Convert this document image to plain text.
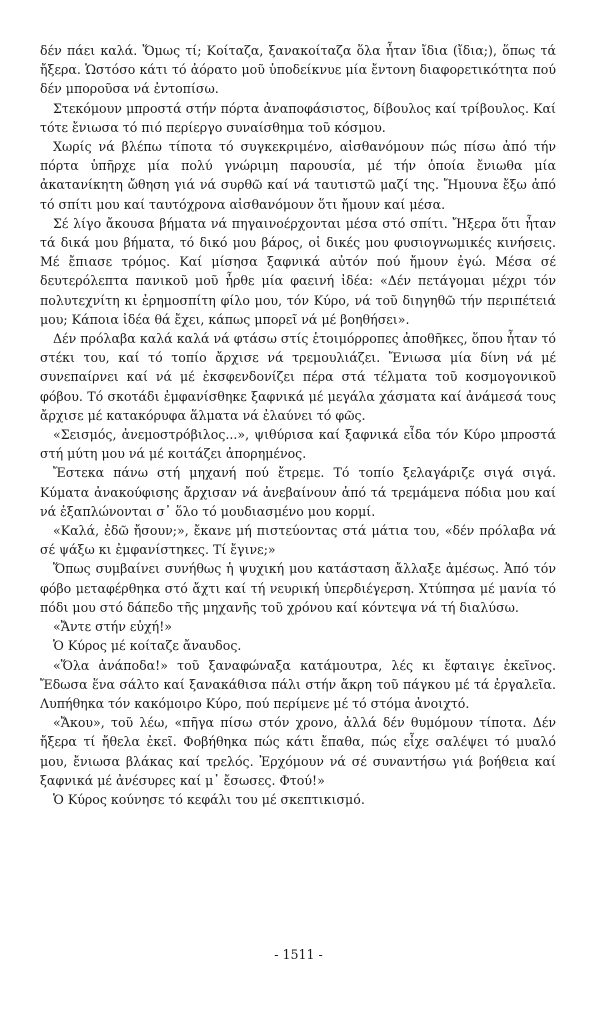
δέν πάει καλά. Ὅμως τί; Κοίταζα, ξανακοίταζα ὅλα ἦταν ἴδια (ἴδια;), ὅπως τά ἤξερα. Ὡστόσο κάτι τό ἀόρατο μοῦ ὑποδείκνυε μία ἔντονη διαφορετικότητα πού δέν μποροῦσα νά ἐντοπίσω.

Στεκόμουν μπροστά στήν πόρτα ἀναποφάσιστος, δίβουλος καί τρίβουλος. Καί τότε ἔνιωσα τό πιό περίεργο συναίσθημα τοῦ κόσμου.

Χωρίς νά βλέπω τίποτα τό συγκεκριμένο, αἰσθανόμουν πώς πίσω ἀπό τήν πόρτα ὑπῆρχε μία πολύ γνώριμη παρουσία, μέ τήν ὁποία ἔνιωθα μία ἀκατανίκητη ὤθηση γιά νά συρθῶ καί νά ταυτιστῶ μαζί της. Ἤμουνα ἔξω ἀπό τό σπίτι μου καί ταυτόχρονα αἰσθανόμουν ὅτι ἤμουν καί μέσα.

Σέ λίγο ἄκουσα βήματα νά πηγαινοέρχονται μέσα στό σπίτι. Ἤξερα ὅτι ἦταν τά δικά μου βήματα, τό δικό μου βάρος, οἱ δικές μου φυσιογνωμικές κινήσεις. Μέ ἔπιασε τρόμος. Καί μίσησα ξαφνικά αὐτόν πού ἤμουν ἐγώ. Μέσα σέ δευτερόλεπτα πανικοῦ μοῦ ἦρθε μία φαεινή ἰδέα: «Δέν πετάγομαι μέχρι τόν πολυτεχνίτη κι ἐρημοσπίτη φίλο μου, τόν Κύρο, νά τοῦ διηγηθῶ τήν περιπέτειά μου; Κάποια ἰδέα θά ἔχει, κάπως μπορεῖ νά μέ βοηθήσει».

Δέν πρόλαβα καλά καλά νά φτάσω στίς ἑτοιμόρροπες ἀποθῆκες, ὅπου ἦταν τό στέκι του, καί τό τοπίο ἄρχισε νά τρεμουλιάζει. Ἔνιωσα μία δίνη νά μέ συνεπαίρνει καί νά μέ ἐκσφενδονίζει πέρα στά τέλματα τοῦ κοσμογονικοῦ φόβου. Τό σκοτάδι ἐμφανίσθηκε ξαφνικά μέ μεγάλα χάσματα καί ἀνάμεσά τους ἄρχισε μέ κατακόρυφα ἅλματα νά ἐλαύνει τό φῶς.

«Σεισμός, ἀνεμοστρόβιλος...», ψιθύρισα καί ξαφνικά εἶδα τόν Κύρο μπροστά στή μύτη μου νά μέ κοιτάζει ἀπορημένος.

Ἔστεκα πάνω στή μηχανή πού ἔτρεμε. Τό τοπίο ξελαγάριζε σιγά σιγά. Κύματα ἀνακούφισης ἄρχισαν νά ἀνεβαίνουν ἀπό τά τρεμάμενα πόδια μου καί νά ἐξαπλώνονται σ᾽ ὅλο τό μουδιασμένο μου κορμί.

«Καλά, ἐδῶ ἤσουν;», ἔκανε μή πιστεύοντας στά μάτια του, «δέν πρόλαβα νά σέ ψάξω κι ἐμφανίστηκες. Τί ἔγινε;»

Ὅπως συμβαίνει συνήθως ἡ ψυχική μου κατάσταση ἄλλαξε ἀμέσως. Ἀπό τόν φόβο μεταφέρθηκα στό ἄχτι καί τή νευρική ὑπερδιέγερση. Χτύπησα μέ μανία τό πόδι μου στό δάπεδο τῆς μηχανῆς τοῦ χρόνου καί κόντεψα νά τή διαλύσω.

«Ἄντε στήν εὐχή!»

Ὁ Κύρος μέ κοίταζε ἄναυδος.

«Ὅλα ἀνάποδα!» τοῦ ξαναφώναξα κατάμουτρα, λές κι ἔφταιγε ἐκεῖνος. Ἔδωσα ἕνα σάλτο καί ξανακάθισα πάλι στήν ἄκρη τοῦ πάγκου μέ τά ἐργαλεῖα. Λυπήθηκα τόν κακόμοιρο Κύρο, πού περίμενε μέ τό στόμα ἀνοιχτό.

«Ἄκου», τοῦ λέω, «πῆγα πίσω στόν χρονο, ἀλλά δέν θυμόμουν τίποτα. Δέν ἤξερα τί ἤθελα ἐκεῖ. Φοβήθηκα πώς κάτι ἔπαθα, πώς εἶχε σαλέψει τό μυαλό μου, ἔνιωσα βλάκας καί τρελός. Ἐρχόμουν νά σέ συναντήσω γιά βοήθεια καί ξαφνικά μέ ἀνέσυρες καί μ᾽ ἔσωσες. Φτού!»

Ὁ Κύρος κούνησε τό κεφάλι του μέ σκεπτικισμό.

- 1511 -
